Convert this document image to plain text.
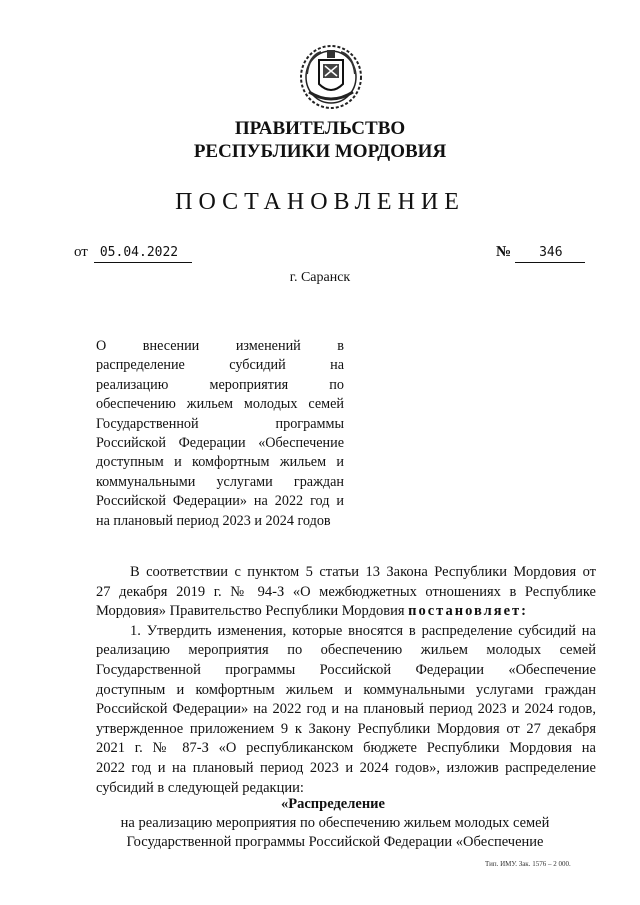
ПРАВИТЕЛЬСТВО
РЕСПУБЛИКИ МОРДОВИЯ
ПОСТАНОВЛЕНИЕ
от 05.04.2022	№ 346
г. Саранск
О внесении изменений в
распределение субсидий на
реализацию мероприятия по
обеспечению жильем молодых семей
Государственной программы
Российской Федерации «Обеспечение
доступным и комфортным жильем и
коммунальными услугами граждан
Российской Федерации» на 2022 год и
на плановый период 2023 и 2024 годов
В соответствии с пунктом 5 статьи 13 Закона Республики Мордовия от
27 декабря 2019 г. № 94-З «О межбюджетных отношениях в Республике
Мордовия» Правительство Республики Мордовия постановляет:
1. Утвердить изменения, которые вносятся в распределение субсидий на
реализацию мероприятия по обеспечению жильем молодых семей
Государственной программы Российской Федерации «Обеспечение
доступным и комфортным жильем и коммунальными услугами граждан
Российской Федерации» на 2022 год и на плановый период 2023 и 2024 годов,
утвержденное приложением 9 к Закону Республики Мордовия от 27 декабря
2021 г. № 87-З «О республиканском бюджете Республики Мордовия на
2022 год и на плановый период 2023 и 2024 годов», изложив распределение
субсидий в следующей редакции:
«Распределение
на реализацию мероприятия по обеспечению жильем молодых семей
Государственной программы Российской Федерации «Обеспечение
Тип. ИМУ. Зак. 1576 – 2 000.
